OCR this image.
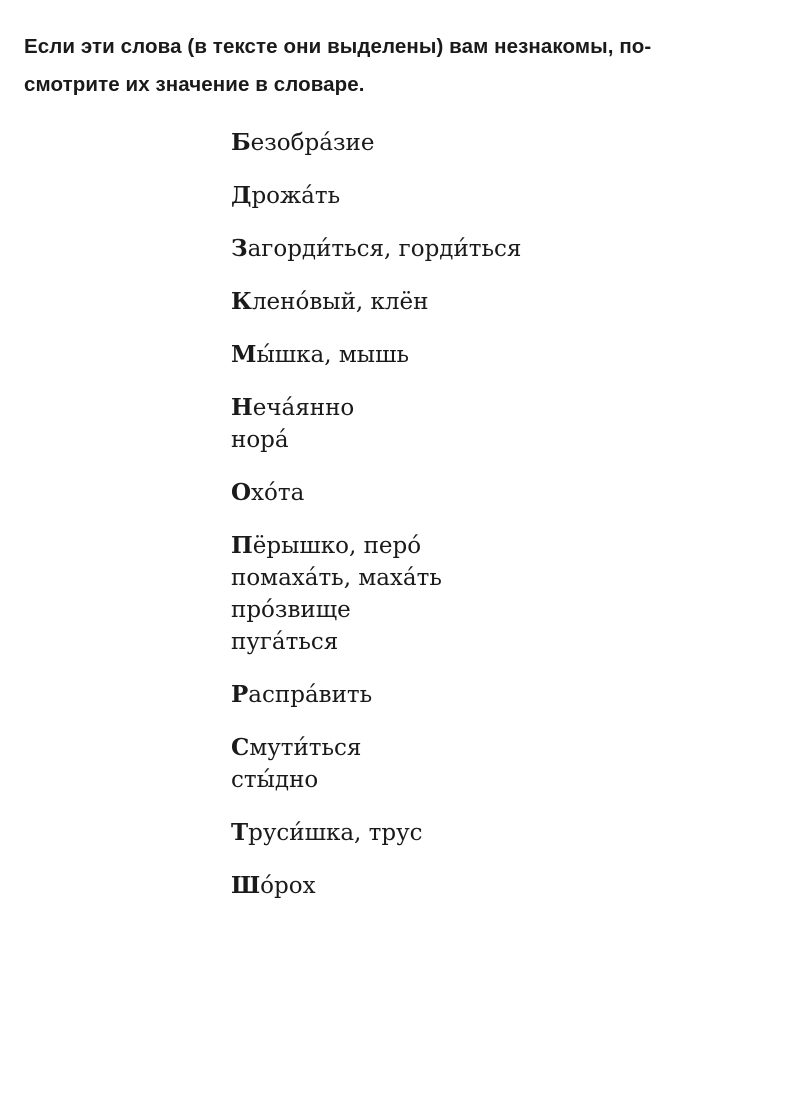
Если эти слова (в тексте они выделены) вам незнакомы, по-

смотрите их значение в словаре.

Безобра́зие
Дрожа́ть
Загорди́ться, горди́ться
Клено́вый, клён
Мы́шка, мышь
Неча́янно
нора́
Охо́та
Пёрышко, перо́
помаха́ть, маха́ть
про́звище
пуга́ться
Распра́вить
Смути́ться
сты́дно
Труси́шка, трус
Шо́рох
